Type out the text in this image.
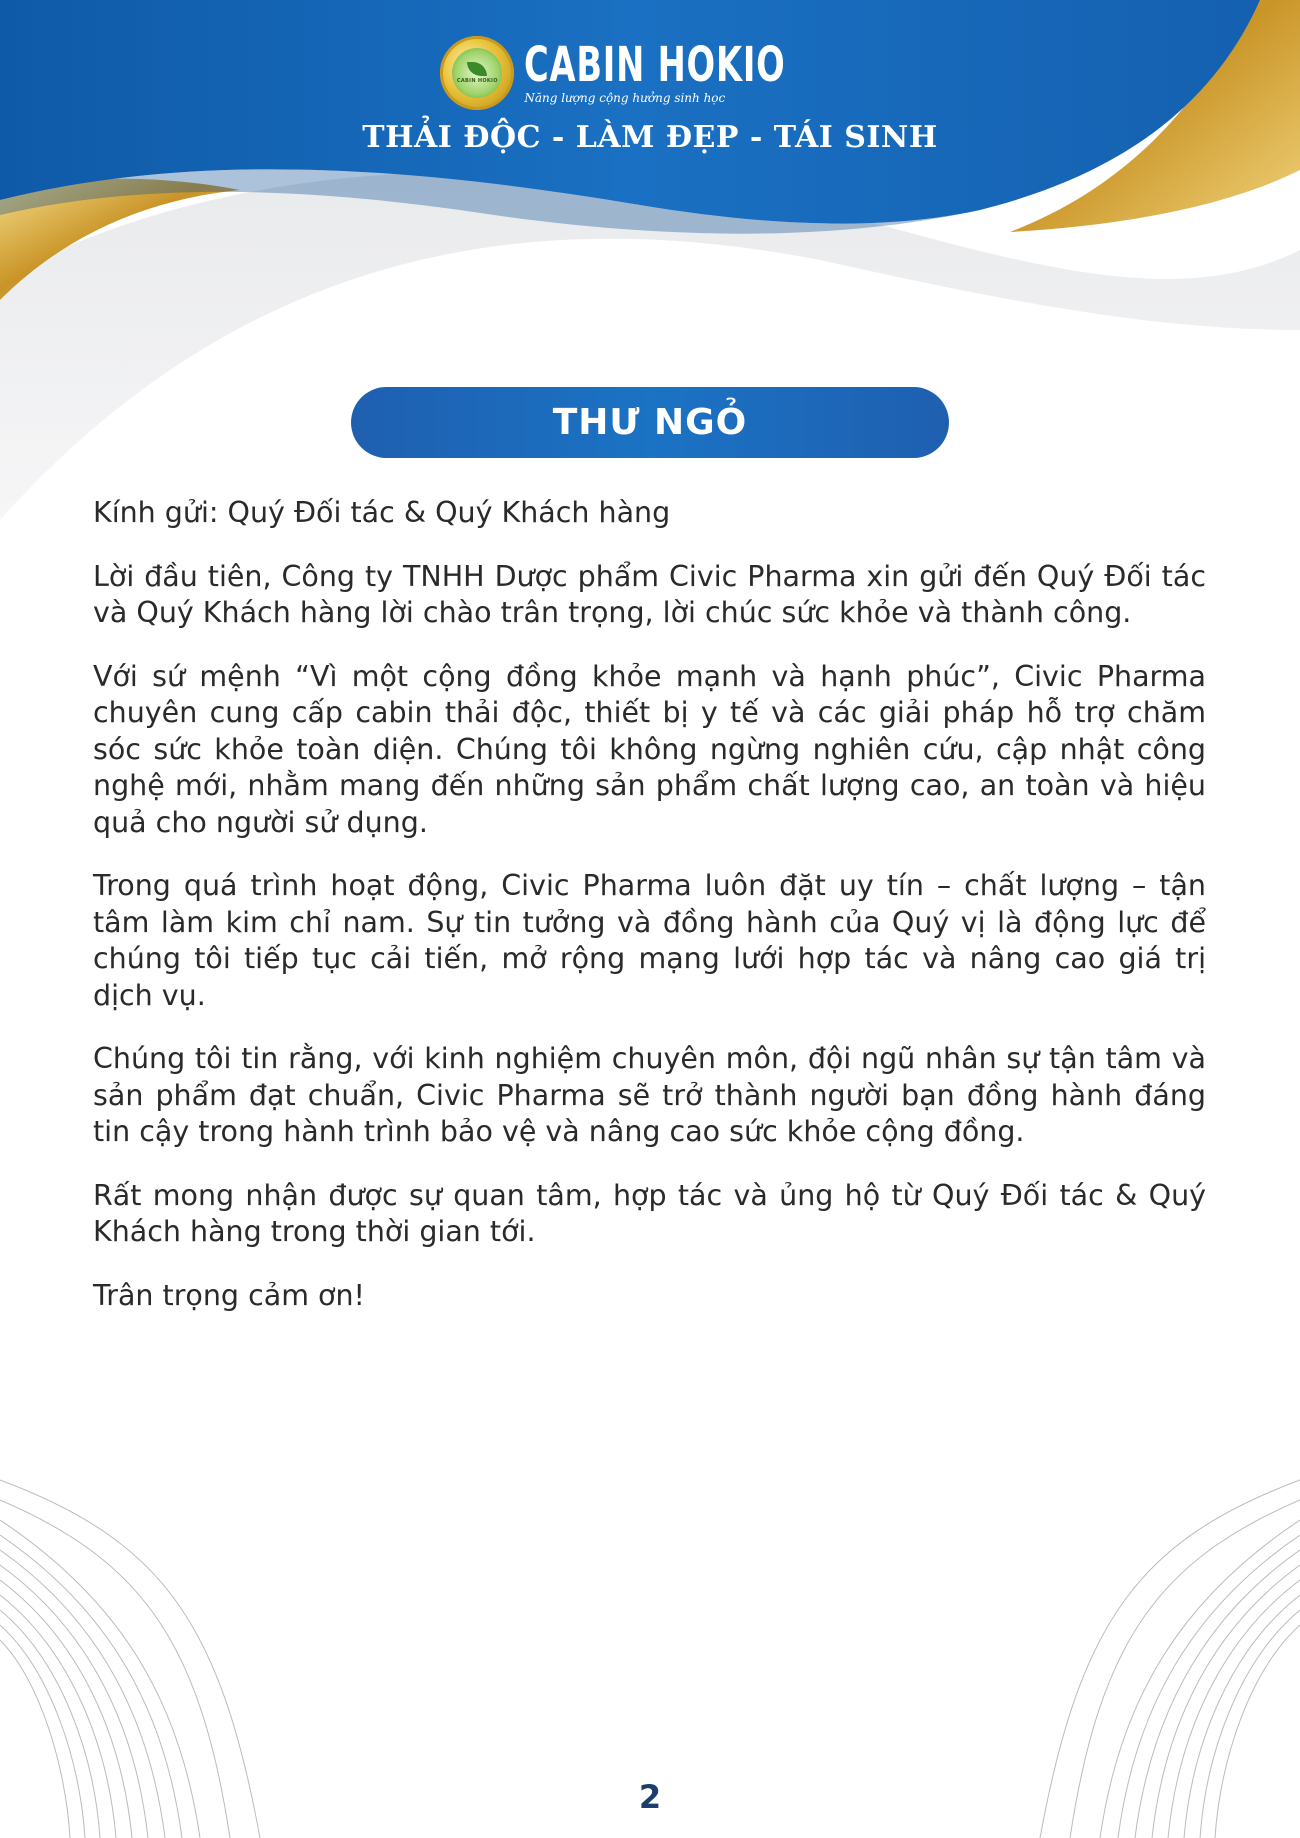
CABIN HOKIO CABIN HOKIO
Năng lượng cộng hưởng sinh học
THẢI ĐỘC - LÀM ĐẸP - TÁI SINH
THƯ NGỎ

Kính gửi: Quý Đối tác & Quý Khách hàng

Lời đầu tiên, Công ty TNHH Dược phẩm Civic Pharma xin gửi đến Quý Đối tác và Quý Khách hàng lời chào trân trọng, lời chúc sức khỏe và thành công.

Với sứ mệnh “Vì một cộng đồng khỏe mạnh và hạnh phúc”, Civic Pharma chuyên cung cấp cabin thải độc, thiết bị y tế và các giải pháp hỗ trợ chăm sóc sức khỏe toàn diện. Chúng tôi không ngừng nghiên cứu, cập nhật công nghệ mới, nhằm mang đến những sản phẩm chất lượng cao, an toàn và hiệu quả cho người sử dụng.

Trong quá trình hoạt động, Civic Pharma luôn đặt uy tín – chất lượng – tận tâm làm kim chỉ nam. Sự tin tưởng và đồng hành của Quý vị là động lực để chúng tôi tiếp tục cải tiến, mở rộng mạng lưới hợp tác và nâng cao giá trị dịch vụ.

Chúng tôi tin rằng, với kinh nghiệm chuyên môn, đội ngũ nhân sự tận tâm và sản phẩm đạt chuẩn, Civic Pharma sẽ trở thành người bạn đồng hành đáng tin cậy trong hành trình bảo vệ và nâng cao sức khỏe cộng đồng.

Rất mong nhận được sự quan tâm, hợp tác và ủng hộ từ Quý Đối tác & Quý Khách hàng trong thời gian tới.

Trân trọng cảm ơn!

2
